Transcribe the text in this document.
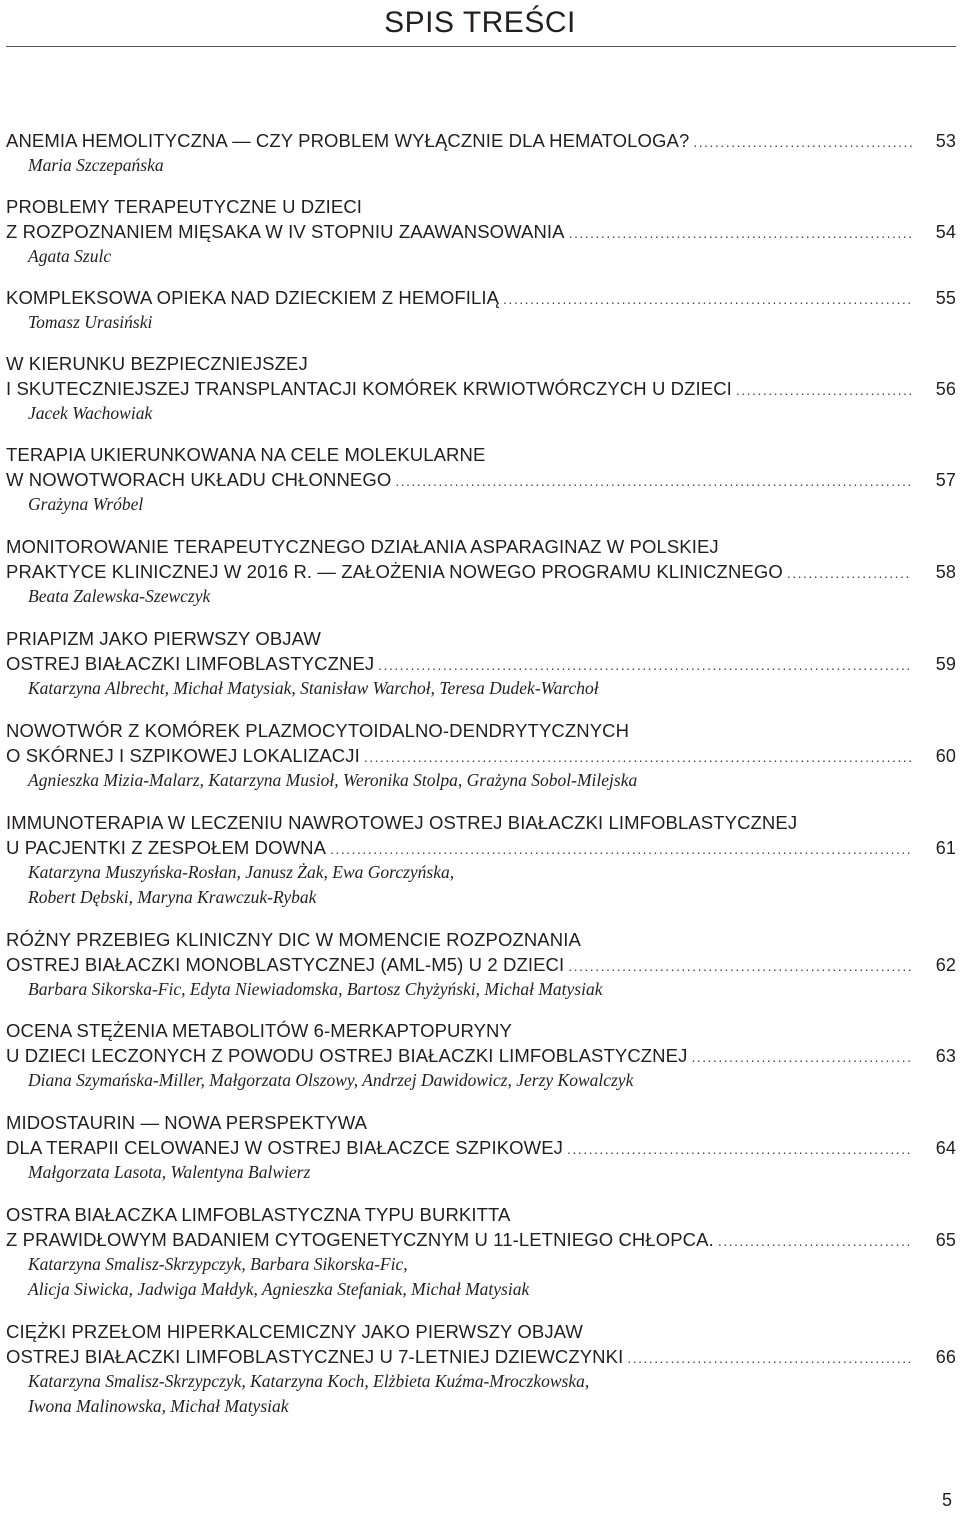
SPIS TREŚCI
ANEMIA HEMOLITYCZNA — CZY PROBLEM WYŁĄCZNIE DLA HEMATOLOGA? .....	53
Maria Szczepańska
PROBLEMY TERAPEUTYCZNE U DZIECI
Z ROZPOZNANIEM MIĘSAKA W IV STOPNIU ZAAWANSOWANIA .....	54
Agata Szulc
KOMPLEKSOWA OPIEKA NAD DZIECKIEM Z HEMOFILIĄ .....	55
Tomasz Urasiński
W KIERUNKU BEZPIECZNIEJSZEJ
I SKUTECZNIEJSZEJ TRANSPLANTACJI KOMÓREK KRWIOTWÓRCZYCH U DZIECI .....	56
Jacek Wachowiak
TERAPIA UKIERUNKOWANA NA CELE MOLEKULARNE
W NOWOTWORACH UKŁADU CHŁONNEGO .....	57
Grażyna Wróbel
MONITOROWANIE TERAPEUTYCZNEGO DZIAŁANIA ASPARAGINAZ W POLSKIEJ
PRAKTYCE KLINICZNEJ W 2016 R. — ZAŁOŻENIA NOWEGO PROGRAMU KLINICZNEGO .....	58
Beata Zalewska-Szewczyk
PRIAPIZM JAKO PIERWSZY OBJAW
OSTREJ BIAŁACZKI LIMFOBLASTYCZNEJ .....	59
Katarzyna Albrecht, Michał Matysiak, Stanisław Warchoł, Teresa Dudek-Warchoł
NOWOTWÓR Z KOMÓREK PLAZMOCYTOIDALNO-DENDRYTYCZNYCH
O SKÓRNEJ I SZPIKOWEJ LOKALIZACJI .....	60
Agnieszka Mizia-Malarz, Katarzyna Musioł, Weronika Stolpa, Grażyna Sobol-Milejska
IMMUNOTERAPIA W LECZENIU NAWROTOWEJ OSTREJ BIAŁACZKI LIMFOBLASTYCZNEJ
U PACJENTKI Z ZESPOŁEM DOWNA .....	61
Katarzyna Muszyńska-Rosłan, Janusz Żak, Ewa Gorczyńska,
Robert Dębski, Maryna Krawczuk-Rybak
RÓŻNY PRZEBIEG KLINICZNY DIC W MOMENCIE ROZPOZNANIA
OSTREJ BIAŁACZKI MONOBLASTYCZNEJ (AML-M5) U 2 DZIECI .....	62
Barbara Sikorska-Fic, Edyta Niewiadomska, Bartosz Chyżyński, Michał Matysiak
OCENA STĘŻENIA METABOLITÓW 6-MERKAPTOPURYNY
U DZIECI LECZONYCH Z POWODU OSTREJ BIAŁACZKI LIMFOBLASTYCZNEJ .....	63
Diana Szymańska-Miller, Małgorzata Olszowy, Andrzej Dawidowicz, Jerzy Kowalczyk
MIDOSTAURIN — NOWA PERSPEKTYWA
DLA TERAPII CELOWANEJ W OSTREJ BIAŁACZCE SZPIKOWEJ .....	64
Małgorzata Lasota, Walentyna Balwierz
OSTRA BIAŁACZKA LIMFOBLASTYCZNA TYPU BURKITTA
Z PRAWIDŁOWYM BADANIEM CYTOGENETYCZNYM U 11-LETNIEGO CHŁOPCA. .....	65
Katarzyna Smalisz-Skrzypczyk, Barbara Sikorska-Fic,
Alicja Siwicka, Jadwiga Małdyk, Agnieszka Stefaniak, Michał Matysiak
CIĘŻKI PRZEŁOM HIPERKALCEMICZNY JAKO PIERWSZY OBJAW
OSTREJ BIAŁACZKI LIMFOBLASTYCZNEJ U 7-LETNIEJ DZIEWCZYNKI .....	66
Katarzyna Smalisz-Skrzypczyk, Katarzyna Koch, Elżbieta Kuźma-Mroczkowska,
Iwona Malinowska, Michał Matysiak
5
